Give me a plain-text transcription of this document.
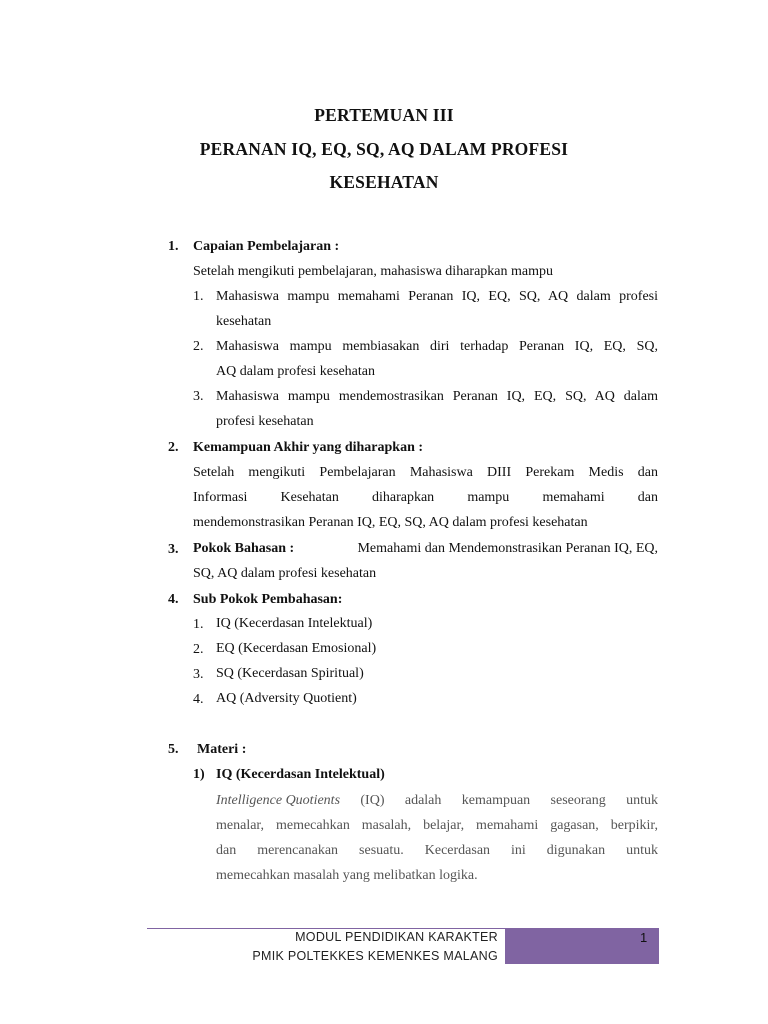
PERTEMUAN III
PERANAN IQ, EQ, SQ, AQ DALAM PROFESI
KESEHATAN
1. Capaian Pembelajaran :
Setelah mengikuti pembelajaran, mahasiswa diharapkan mampu
1. Mahasiswa mampu memahami Peranan IQ, EQ, SQ, AQ dalam profesi
kesehatan
2. Mahasiswa mampu membiasakan diri terhadap Peranan IQ, EQ, SQ,
AQ dalam profesi kesehatan
3. Mahasiswa mampu mendemostrasikan Peranan IQ, EQ, SQ, AQ dalam
profesi kesehatan
2. Kemampuan Akhir yang diharapkan :
Setelah mengikuti Pembelajaran Mahasiswa DIII Perekam Medis dan
Informasi Kesehatan diharapkan mampu memahami dan
mendemonstrasikan Peranan IQ, EQ, SQ, AQ dalam profesi kesehatan
3. Pokok Bahasan :	Memahami dan Mendemonstrasikan Peranan IQ, EQ,
SQ, AQ dalam profesi kesehatan
4. Sub Pokok Pembahasan:
1. IQ (Kecerdasan Intelektual)
2. EQ (Kecerdasan Emosional)
3. SQ (Kecerdasan Spiritual)
4. AQ (Adversity Quotient)
5. Materi :
1) IQ (Kecerdasan Intelektual)
Intelligence Quotients (IQ) adalah kemampuan seseorang untuk
menalar, memecahkan masalah, belajar, memahami gagasan, berpikir,
dan merencanakan sesuatu. Kecerdasan ini digunakan untuk
memecahkan masalah yang melibatkan logika.
MODUL PENDIDIKAN KARAKTER
PMIK POLTEKKES KEMENKES MALANG
1
